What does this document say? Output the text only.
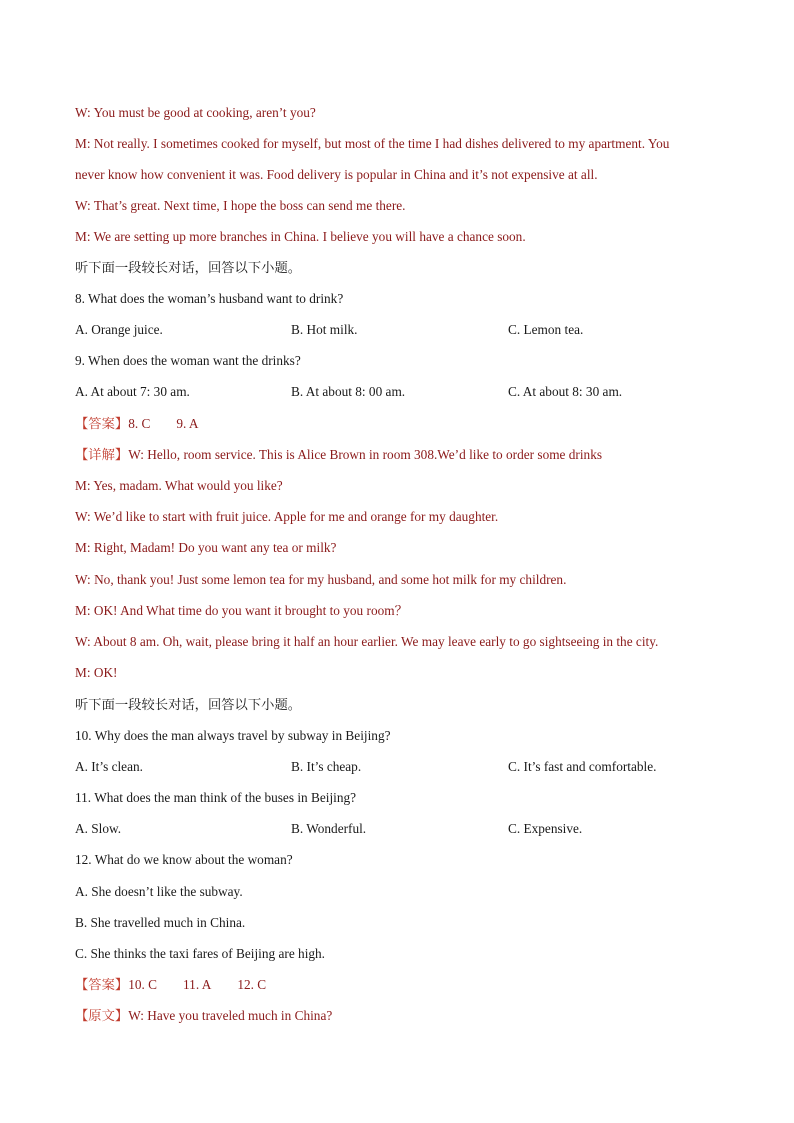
W: You must be good at cooking, aren’t you?
M: Not really. I sometimes cooked for myself, but most of the time I had dishes delivered to my apartment. You
never know how convenient it was. Food delivery is popular in China and it’s not expensive at all.
W: That’s great. Next time, I hope the boss can send me there.
M: We are setting up more branches in China. I believe you will have a chance soon.
听下面一段较长对话，回答以下小题。
8. What does the woman’s husband want to drink?
A. Orange juice.	B. Hot milk.	C. Lemon tea.
9. When does the woman want the drinks?
A. At about 7: 30 am.	B. At about 8: 00 am.	C. At about 8: 30 am.
【答案】8. C 9. A
【详解】W: Hello, room service. This is Alice Brown in room 308.We’d like to order some drinks
M: Yes, madam. What would you like?
W: We’d like to start with fruit juice. Apple for me and orange for my daughter.
M: Right, Madam! Do you want any tea or milk?
W: No, thank you! Just some lemon tea for my husband, and some hot milk for my children.
M: OK! And What time do you want it brought to you room？
W: About 8 am. Oh, wait, please bring it half an hour earlier. We may leave early to go sightseeing in the city.
M: OK!
听下面一段较长对话，回答以下小题。
10. Why does the man always travel by subway in Beijing?
A. It’s clean.	B. It’s cheap.	C. It’s fast and comfortable.
11. What does the man think of the buses in Beijing?
A. Slow.	B. Wonderful.	C. Expensive.
12. What do we know about the woman?
A. She doesn’t like the subway.
B. She travelled much in China.
C. She thinks the taxi fares of Beijing are high.
【答案】10. C 11. A 12. C
【原文】W: Have you traveled much in China?
